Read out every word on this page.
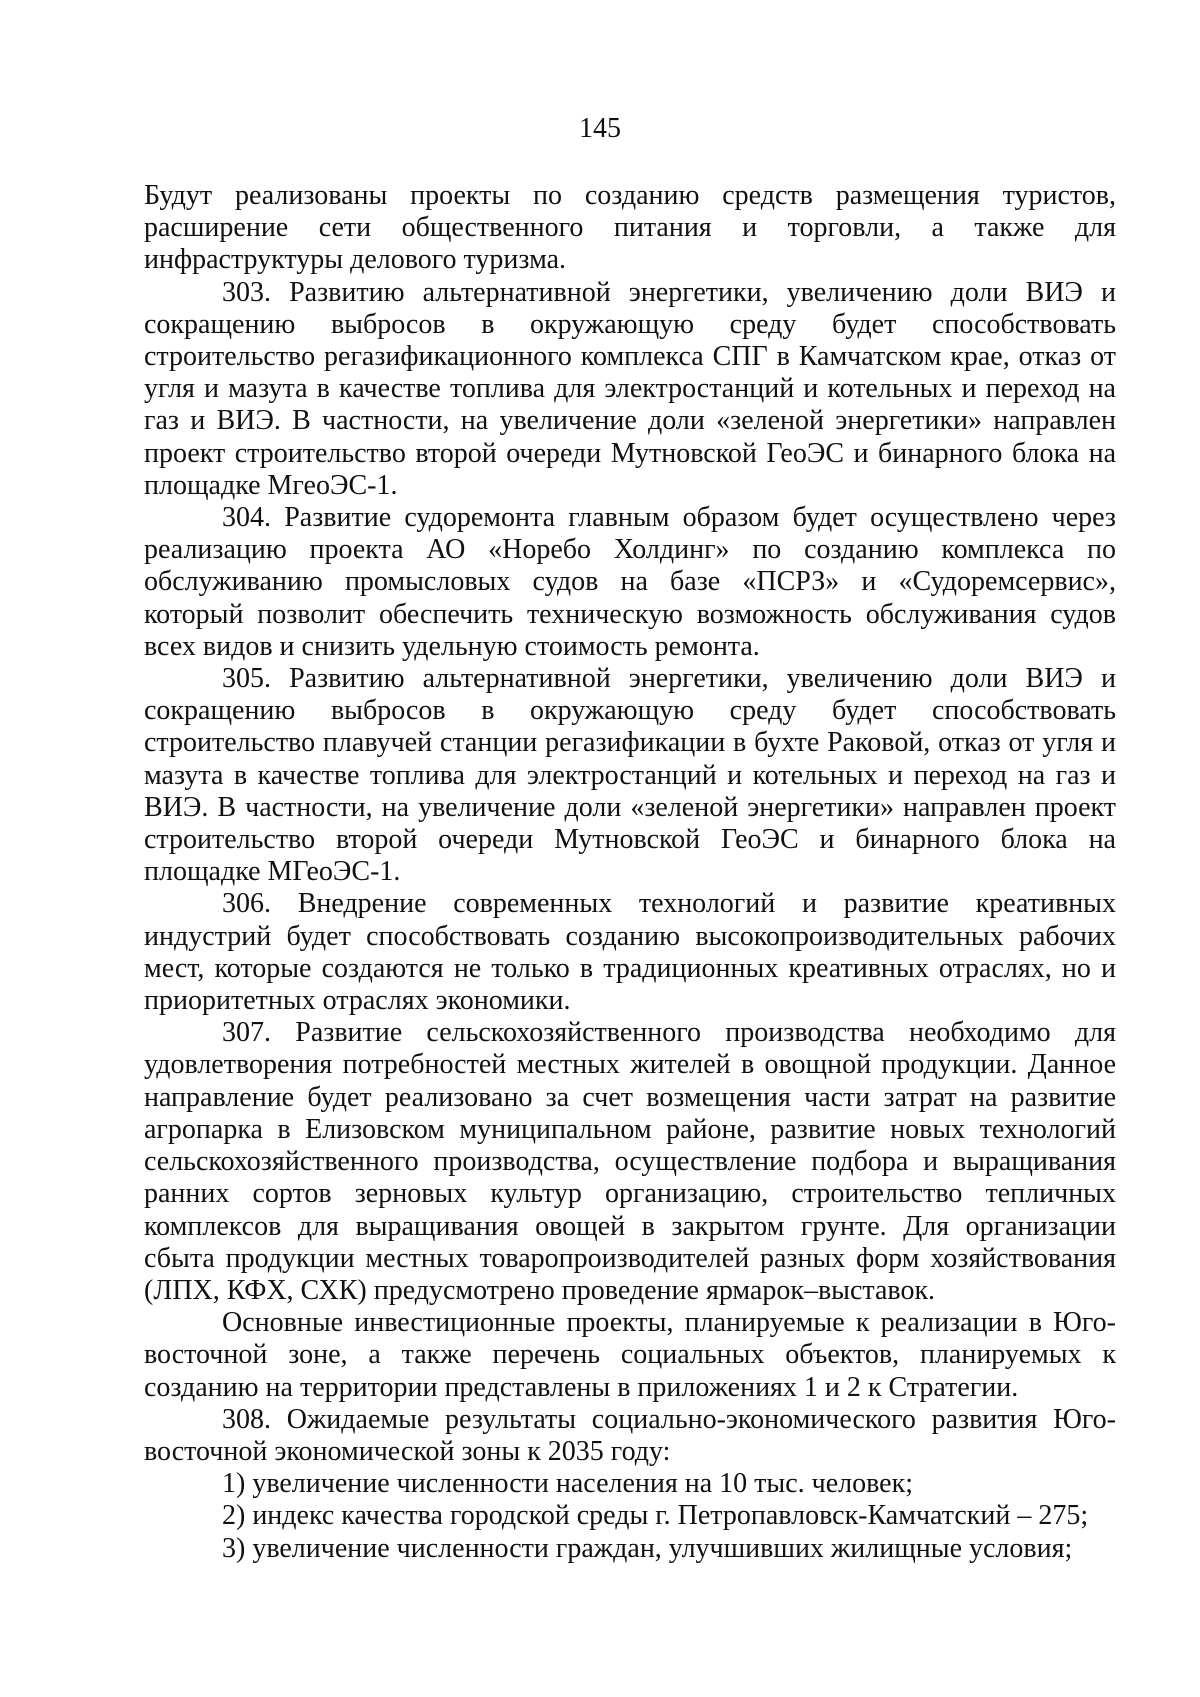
145

Будут реализованы проекты по созданию средств размещения туристов, расширение сети общественного питания и торговли, а также для инфраструктуры делового туризма.

303. Развитию альтернативной энергетики, увеличению доли ВИЭ и сокращению выбросов в окружающую среду будет способствовать строительство регазификационного комплекса СПГ в Камчатском крае, отказ от угля и мазута в качестве топлива для электростанций и котельных и переход на газ и ВИЭ. В частности, на увеличение доли «зеленой энергетики» направлен проект строительство второй очереди Мутновской ГеоЭС и бинарного блока на площадке МгеоЭС-1.

304. Развитие судоремонта главным образом будет осуществлено через реализацию проекта АО «Норебо Холдинг» по созданию комплекса по обслуживанию промысловых судов на базе «ПСРЗ» и «Судоремсервис», который позволит обеспечить техническую возможность обслуживания судов всех видов и снизить удельную стоимость ремонта.

305. Развитию альтернативной энергетики, увеличению доли ВИЭ и сокращению выбросов в окружающую среду будет способствовать строительство плавучей станции регазификации в бухте Раковой, отказ от угля и мазута в качестве топлива для электростанций и котельных и переход на газ и ВИЭ. В частности, на увеличение доли «зеленой энергетики» направлен проект строительство второй очереди Мутновской ГеоЭС и бинарного блока на площадке МГеоЭС-1.

306. Внедрение современных технологий и развитие креативных индустрий будет способствовать созданию высокопроизводительных рабочих мест, которые создаются не только в традиционных креативных отраслях, но и приоритетных отраслях экономики.

307. Развитие сельскохозяйственного производства необходимо для удовлетворения потребностей местных жителей в овощной продукции. Данное направление будет реализовано за счет возмещения части затрат на развитие агропарка в Елизовском муниципальном районе, развитие новых технологий сельскохозяйственного производства, осуществление подбора и выращивания ранних сортов зерновых культур организацию, строительство тепличных комплексов для выращивания овощей в закрытом грунте. Для организации сбыта продукции местных товаропроизводителей разных форм хозяйствования (ЛПХ, КФХ, СХК) предусмотрено проведение ярмарок–выставок.

Основные инвестиционные проекты, планируемые к реализации в Юго-восточной зоне, а также перечень социальных объектов, планируемых к созданию на территории представлены в приложениях 1 и 2 к Стратегии.

308. Ожидаемые результаты социально-экономического развития Юго-восточной экономической зоны к 2035 году:

1) увеличение численности населения на 10 тыс. человек;

2) индекс качества городской среды г. Петропавловск-Камчатский – 275;

3) увеличение численности граждан, улучшивших жилищные условия;
